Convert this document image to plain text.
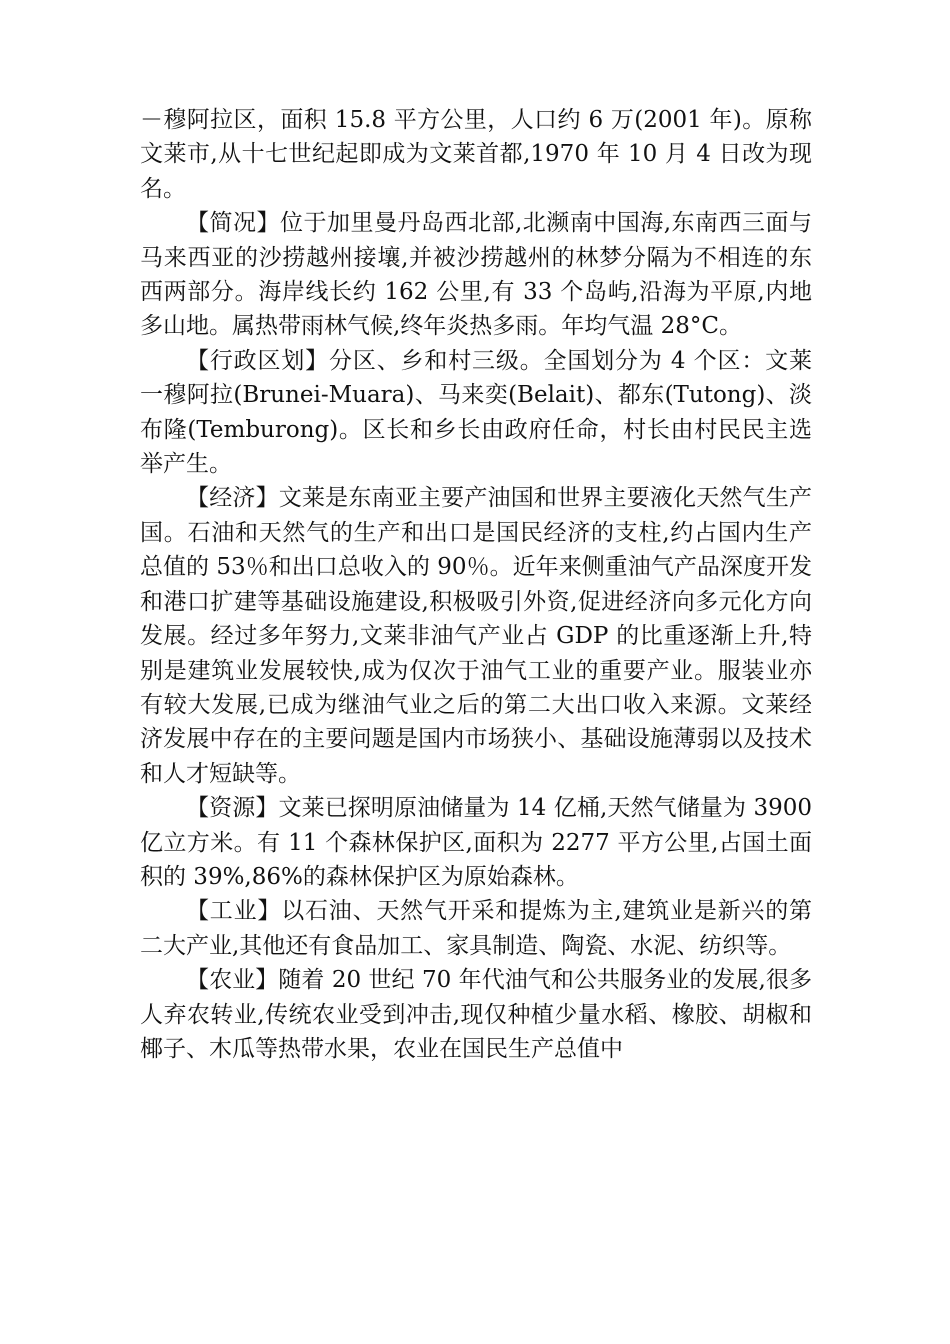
－穆阿拉区，面积 15.8 平方公里，人口约 6 万(2001 年)。原称文莱市,从十七世纪起即成为文莱首都,1970 年 10 月 4 日改为现名。

【简况】位于加里曼丹岛西北部,北濒南中国海,东南西三面与马来西亚的沙捞越州接壤,并被沙捞越州的林梦分隔为不相连的东西两部分。海岸线长约 162 公里,有 33 个岛屿,沿海为平原,内地多山地。属热带雨林气候,终年炎热多雨。年均气温 28°C。

【行政区划】分区、乡和村三级。全国划分为 4 个区：文莱一穆阿拉(Brunei-Muara)、马来奕(Belait)、都东(Tutong)、淡布隆(Temburong)。区长和乡长由政府任命，村长由村民民主选举产生。

【经济】文莱是东南亚主要产油国和世界主要液化天然气生产国。石油和天然气的生产和出口是国民经济的支柱,约占国内生产总值的 53％和出口总收入的 90％。近年来侧重油气产品深度开发和港口扩建等基础设施建设,积极吸引外资,促进经济向多元化方向发展。经过多年努力,文莱非油气产业占 GDP 的比重逐渐上升,特别是建筑业发展较快,成为仅次于油气工业的重要产业。服装业亦有较大发展,已成为继油气业之后的第二大出口收入来源。文莱经济发展中存在的主要问题是国内市场狭小、基础设施薄弱以及技术和人才短缺等。

【资源】文莱已探明原油储量为 14 亿桶,天然气储量为 3900 亿立方米。有 11 个森林保护区,面积为 2277 平方公里,占国土面积的 39%,86%的森林保护区为原始森林。

【工业】以石油、天然气开采和提炼为主,建筑业是新兴的第二大产业,其他还有食品加工、家具制造、陶瓷、水泥、纺织等。

【农业】随着 20 世纪 70 年代油气和公共服务业的发展,很多人弃农转业,传统农业受到冲击,现仅种植少量水稻、橡胶、胡椒和椰子、木瓜等热带水果，农业在国民生产总值中
